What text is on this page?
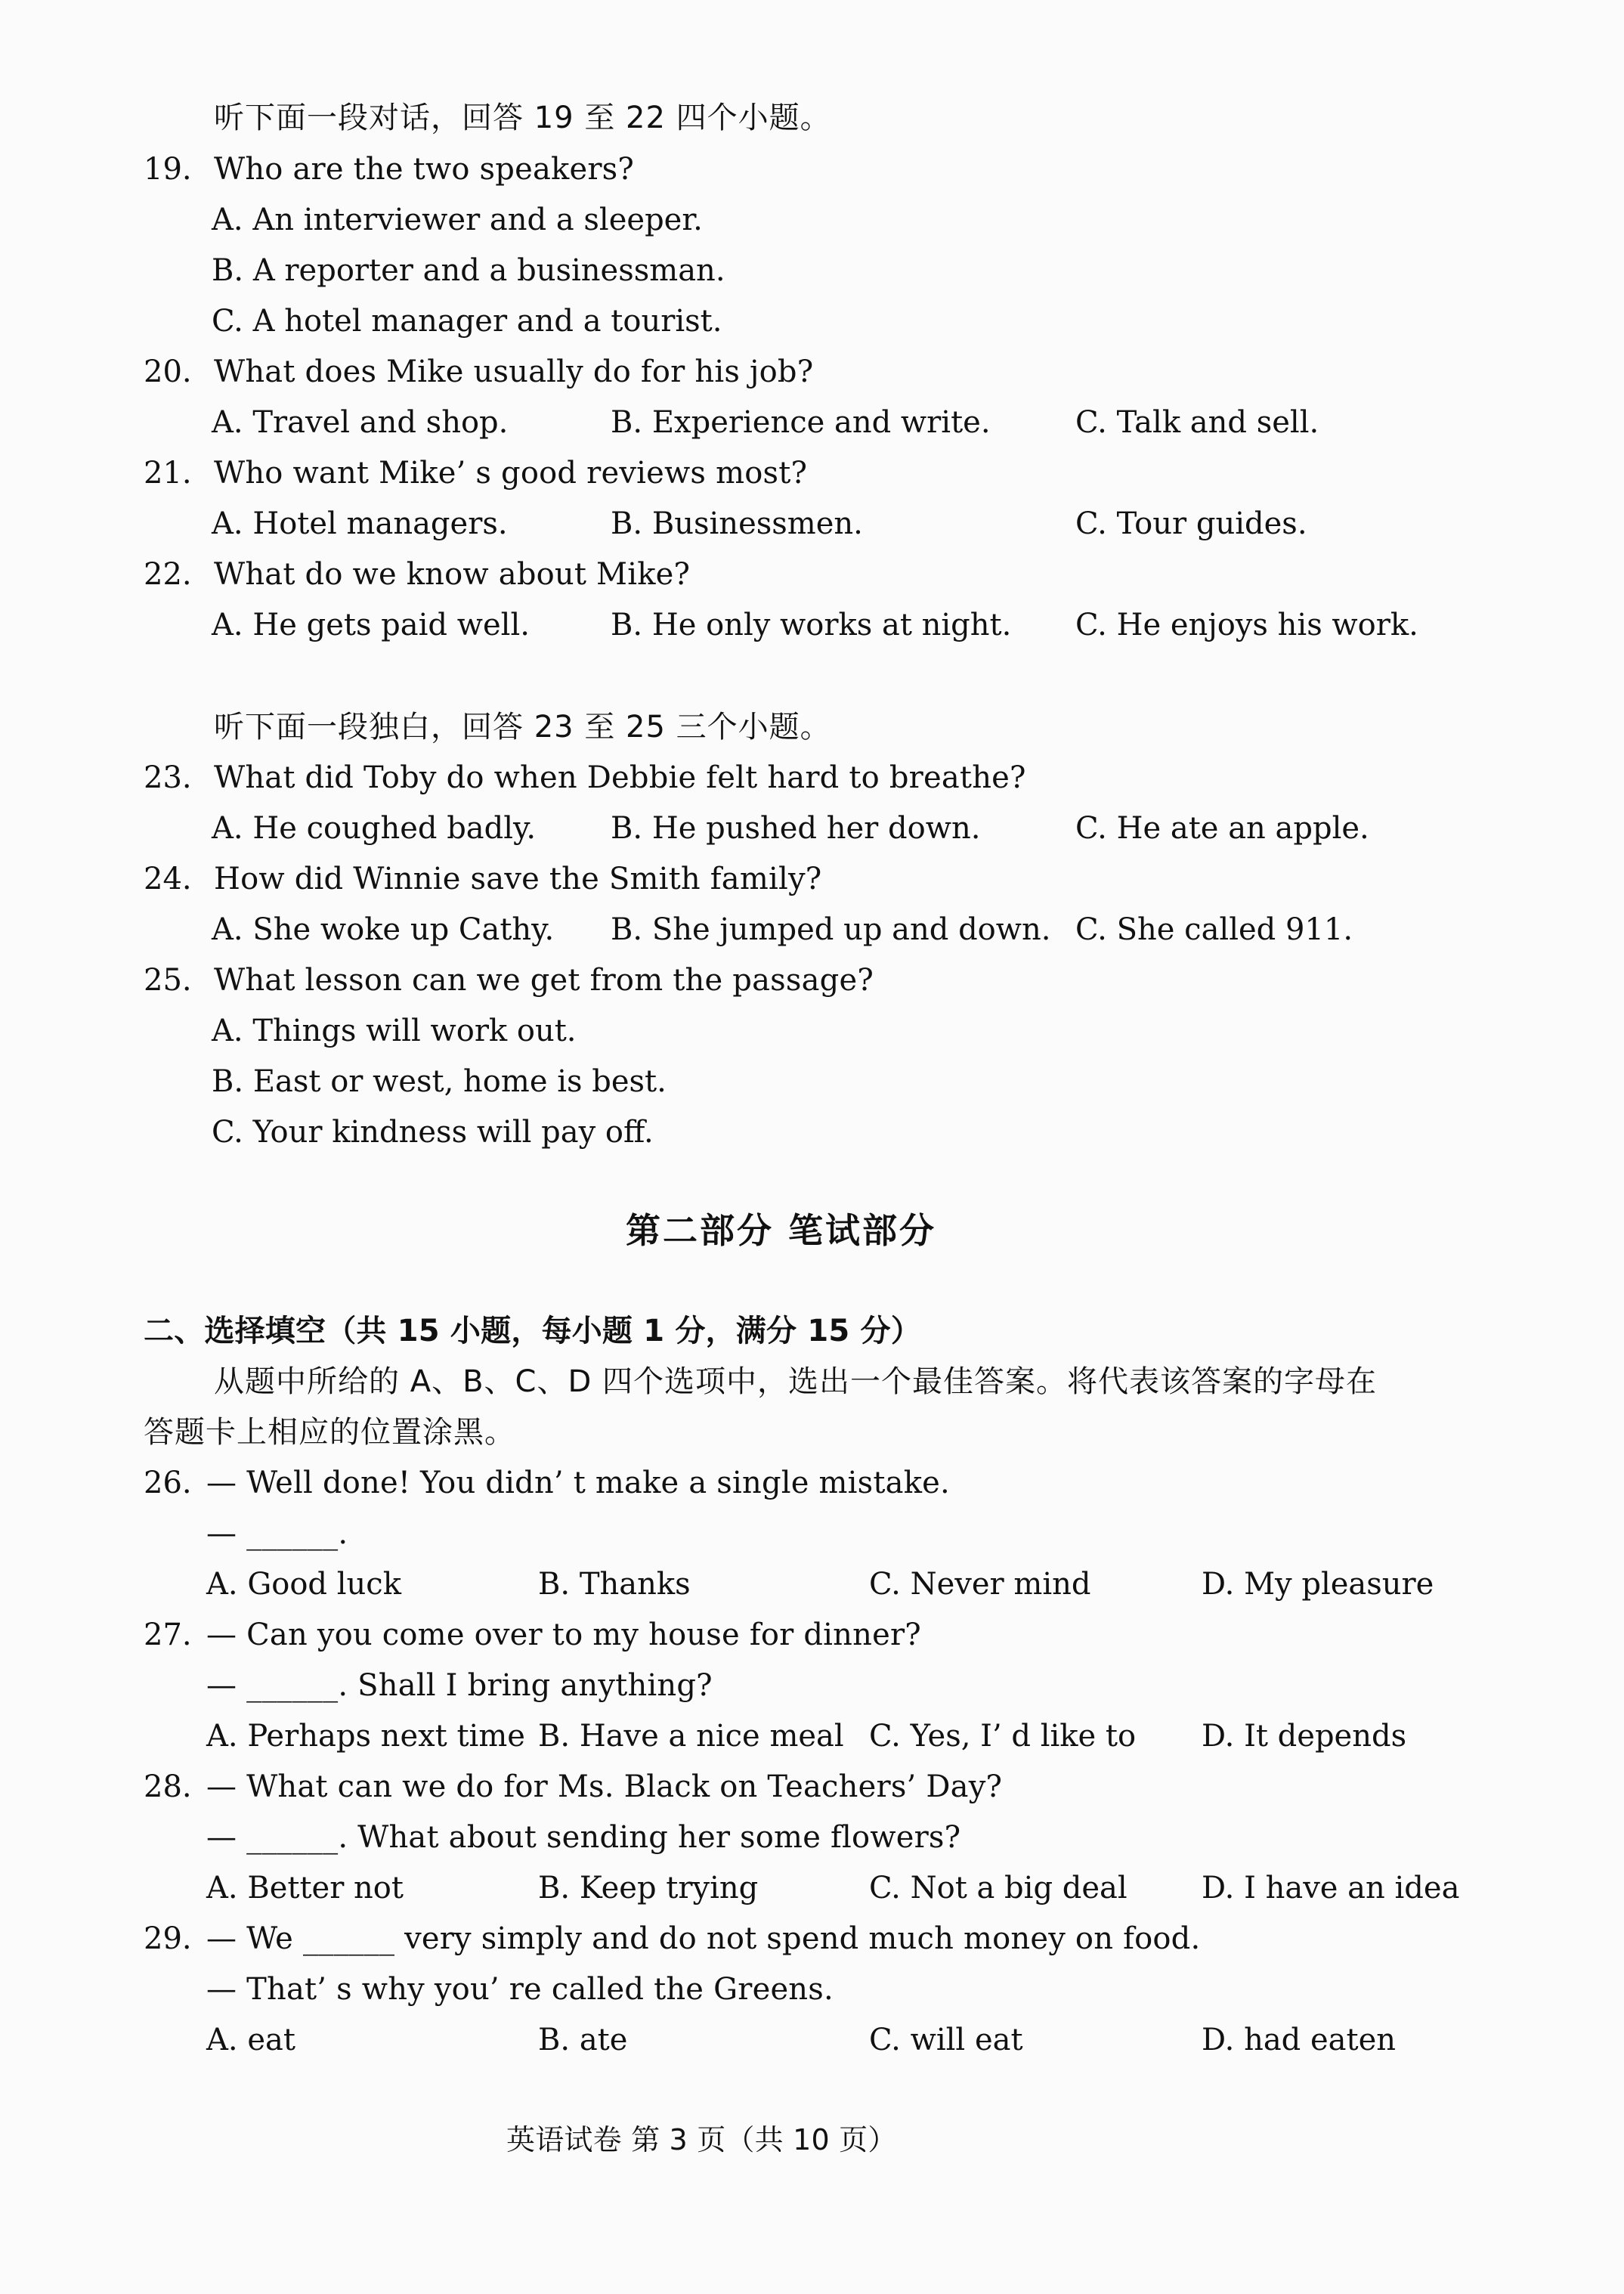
听下面一段对话，回答 19 至 22 四个小题。
19. Who are the two speakers?
A. An interviewer and a sleeper.
B. A reporter and a businessman.
C. A hotel manager and a tourist.
20. What does Mike usually do for his job?
A. Travel and shop.	B. Experience and write.	C. Talk and sell.
21. Who want Mike’ s good reviews most?
A. Hotel managers.	B. Businessmen.	C. Tour guides.
22. What do we know about Mike?
A. He gets paid well.	B. He only works at night. C. He enjoys his work.
听下面一段独白，回答 23 至 25 三个小题。
23. What did Toby do when Debbie felt hard to breathe?
A. He coughed badly. B. He pushed her down.	C. He ate an apple.
24. How did Winnie save the Smith family?
A. She woke up Cathy. B. She jumped up and down. C. She called 911.
25. What lesson can we get from the passage?
A. Things will work out.
B. East or west, home is best.
C. Your kindness will pay off.
第二部分 笔试部分
二、选择填空（共 15 小题，每小题 1 分，满分 15 分）
从题中所给的 A、B、C、D 四个选项中，选出一个最佳答案。将代表该答案的字母在
答题卡上相应的位置涂黑。
26. — Well done! You didn’ t make a single mistake.
— ______.
A. Good luck	B. Thanks	C. Never mind	D. My pleasure
27. — Can you come over to my house for dinner?
— ______. Shall I bring anything?
A. Perhaps next time B. Have a nice meal C. Yes, I’ d like to D. It depends
28. — What can we do for Ms. Black on Teachers’ Day?
— ______. What about sending her some flowers?
A. Better not	B. Keep trying	C. Not a big deal D. I have an idea
29. — We ______ very simply and do not spend much money on food.
— That’ s why you’ re called the Greens.
A. eat	B. ate	C. will eat	D. had eaten
英语试卷 第 3 页（共 10 页）
